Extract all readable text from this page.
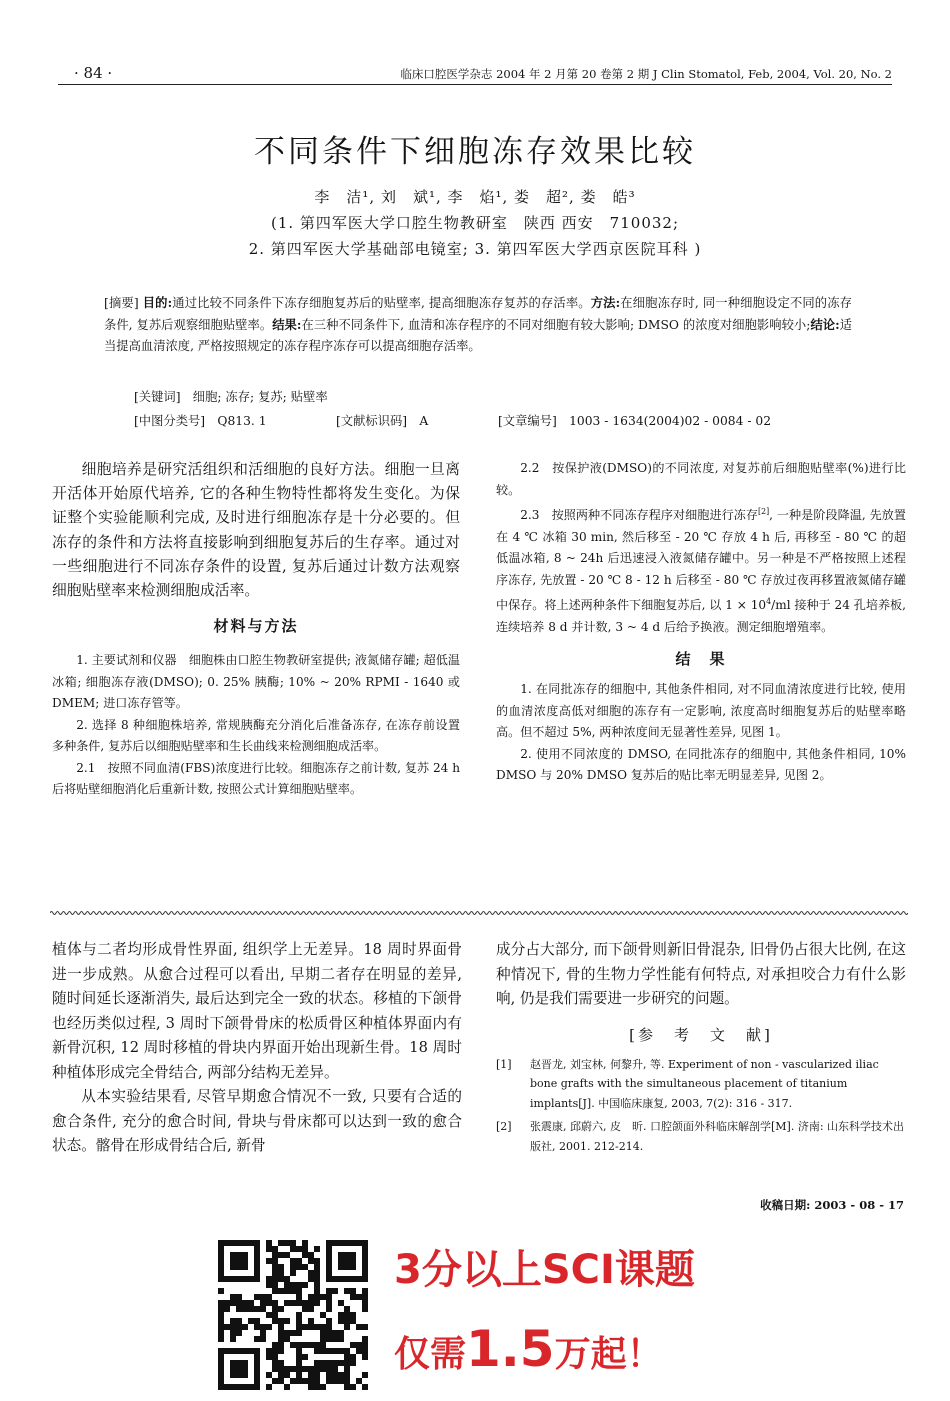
· 84 ·	临床口腔医学杂志 2004 年 2 月第 20 卷第 2 期 J Clin Stomatol, Feb, 2004, Vol. 20, No. 2
不同条件下细胞冻存效果比较
李　洁¹, 刘　斌¹, 李　焰¹, 娄　超², 娄　皓³
(1. 第四军医大学口腔生物教研室　陕西 西安　710032;
2. 第四军医大学基础部电镜室; 3. 第四军医大学西京医院耳科 )
[摘要] 目的:通过比较不同条件下冻存细胞复苏后的贴壁率, 提高细胞冻存复苏的存活率。方法:在细胞冻存时, 同一种细胞设定不同的冻存条件, 复苏后观察细胞贴壁率。结果:在三种不同条件下, 血清和冻存程序的不同对细胞有较大影响; DMSO 的浓度对细胞影响较小;结论:适当提高血清浓度, 严格按照规定的冻存程序冻存可以提高细胞存活率。
[关键词]　细胞; 冻存; 复苏; 贴壁率
[中图分类号]　Q813. 1	[文献标识码]　A	[文章编号]　1003 - 1634(2004)02 - 0084 - 02

细胞培养是研究活组织和活细胞的良好方法。细胞一旦离开活体开始原代培养, 它的各种生物特性都将发生变化。为保证整个实验能顺利完成, 及时进行细胞冻存是十分必要的。但冻存的条件和方法将直接影响到细胞复苏后的生存率。通过对一些细胞进行不同冻存条件的设置, 复苏后通过计数方法观察细胞贴壁率来检测细胞成活率。

材料与方法

1. 主要试剂和仪器　细胞株由口腔生物教研室提供; 液氮储存罐; 超低温冰箱; 细胞冻存液(DMSO); 0. 25% 胰酶; 10% ~ 20% RPMI - 1640 或 DMEM; 进口冻存管等。

2. 选择 8 种细胞株培养, 常规胰酶充分消化后准备冻存, 在冻存前设置多种条件, 复苏后以细胞贴壁率和生长曲线来检测细胞成活率。

2.1　按照不同血清(FBS)浓度进行比较。细胞冻存之前计数, 复苏 24 h 后将贴壁细胞消化后重新计数, 按照公式计算细胞贴壁率。

2.2　按保护液(DMSO)的不同浓度, 对复苏前后细胞贴壁率(%)进行比较。

2.3　按照两种不同冻存程序对细胞进行冻存[2], 一种是阶段降温, 先放置在 4 ℃ 冰箱 30 min, 然后移至 - 20 ℃ 存放 4 h 后, 再移至 - 80 ℃ 的超低温冰箱, 8 ~ 24h 后迅速浸入液氮储存罐中。另一种是不严格按照上述程序冻存, 先放置 - 20 ℃ 8 - 12 h 后移至 - 80 ℃ 存放过夜再移置液氮储存罐中保存。将上述两种条件下细胞复苏后, 以 $1 \times 10^4/ml$ 接种于 24 孔培养板, 连续培养 8 d 并计数, 3 ~ 4 d 后给予换液。测定细胞增殖率。

结　果

1. 在同批冻存的细胞中, 其他条件相同, 对不同血清浓度进行比较, 使用的血清浓度高低对细胞的冻存有一定影响, 浓度高时细胞复苏后的贴壁率略高。但不超过 5%, 两种浓度间无显著性差异, 见图 1。

2. 使用不同浓度的 DMSO, 在同批冻存的细胞中, 其他条件相同, 10% DMSO 与 20% DMSO 复苏后的贴比率无明显差异, 见图 2。

植体与二者均形成骨性界面, 组织学上无差异。18 周时界面骨进一步成熟。从愈合过程可以看出, 早期二者存在明显的差异, 随时间延长逐渐消失, 最后达到完全一致的状态。移植的下颌骨也经历类似过程, 3 周时下颌骨骨床的松质骨区种植体界面内有新骨沉积, 12 周时移植的骨块内界面开始出现新生骨。18 周时种植体形成完全骨结合, 两部分结构无差异。

从本实验结果看, 尽管早期愈合情况不一致, 只要有合适的愈合条件, 充分的愈合时间, 骨块与骨床都可以达到一致的愈合状态。髂骨在形成骨结合后, 新骨

成分占大部分, 而下颌骨则新旧骨混杂, 旧骨仍占很大比例, 在这种情况下, 骨的生物力学性能有何特点, 对承担咬合力有什么影响, 仍是我们需要进一步研究的问题。

[参　考　文　献]
[1]	赵晋龙, 刘宝林, 何黎升, 等. Experiment of non - vascularized iliac bone grafts with the simultaneous placement of titanium implants[J]. 中国临床康复, 2003, 7(2): 316 - 317.
[2]	张震康, 邱蔚六, 皮　昕. 口腔颌面外科临床解剖学[M]. 济南: 山东科学技术出版社, 2001. 212-214.
收稿日期: 2003 - 08 - 17
3分以上SCI课题
仅需1.5万起！
